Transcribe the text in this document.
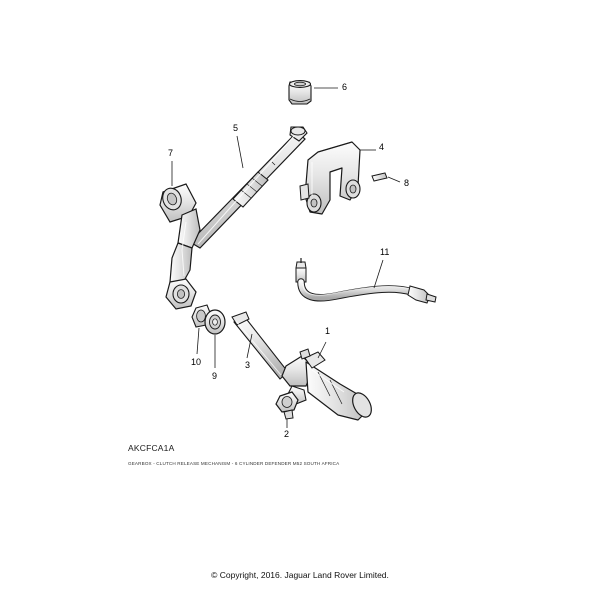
1
2
3
4
5
6
7
8
9
10
11
AKCFCA1A
GEARBOX - CLUTCH RELEASE MECHANISM - 6 CYLINDER DEFENDER M52 SOUTH AFRICA
© Copyright, 2016. Jaguar Land Rover Limited.
